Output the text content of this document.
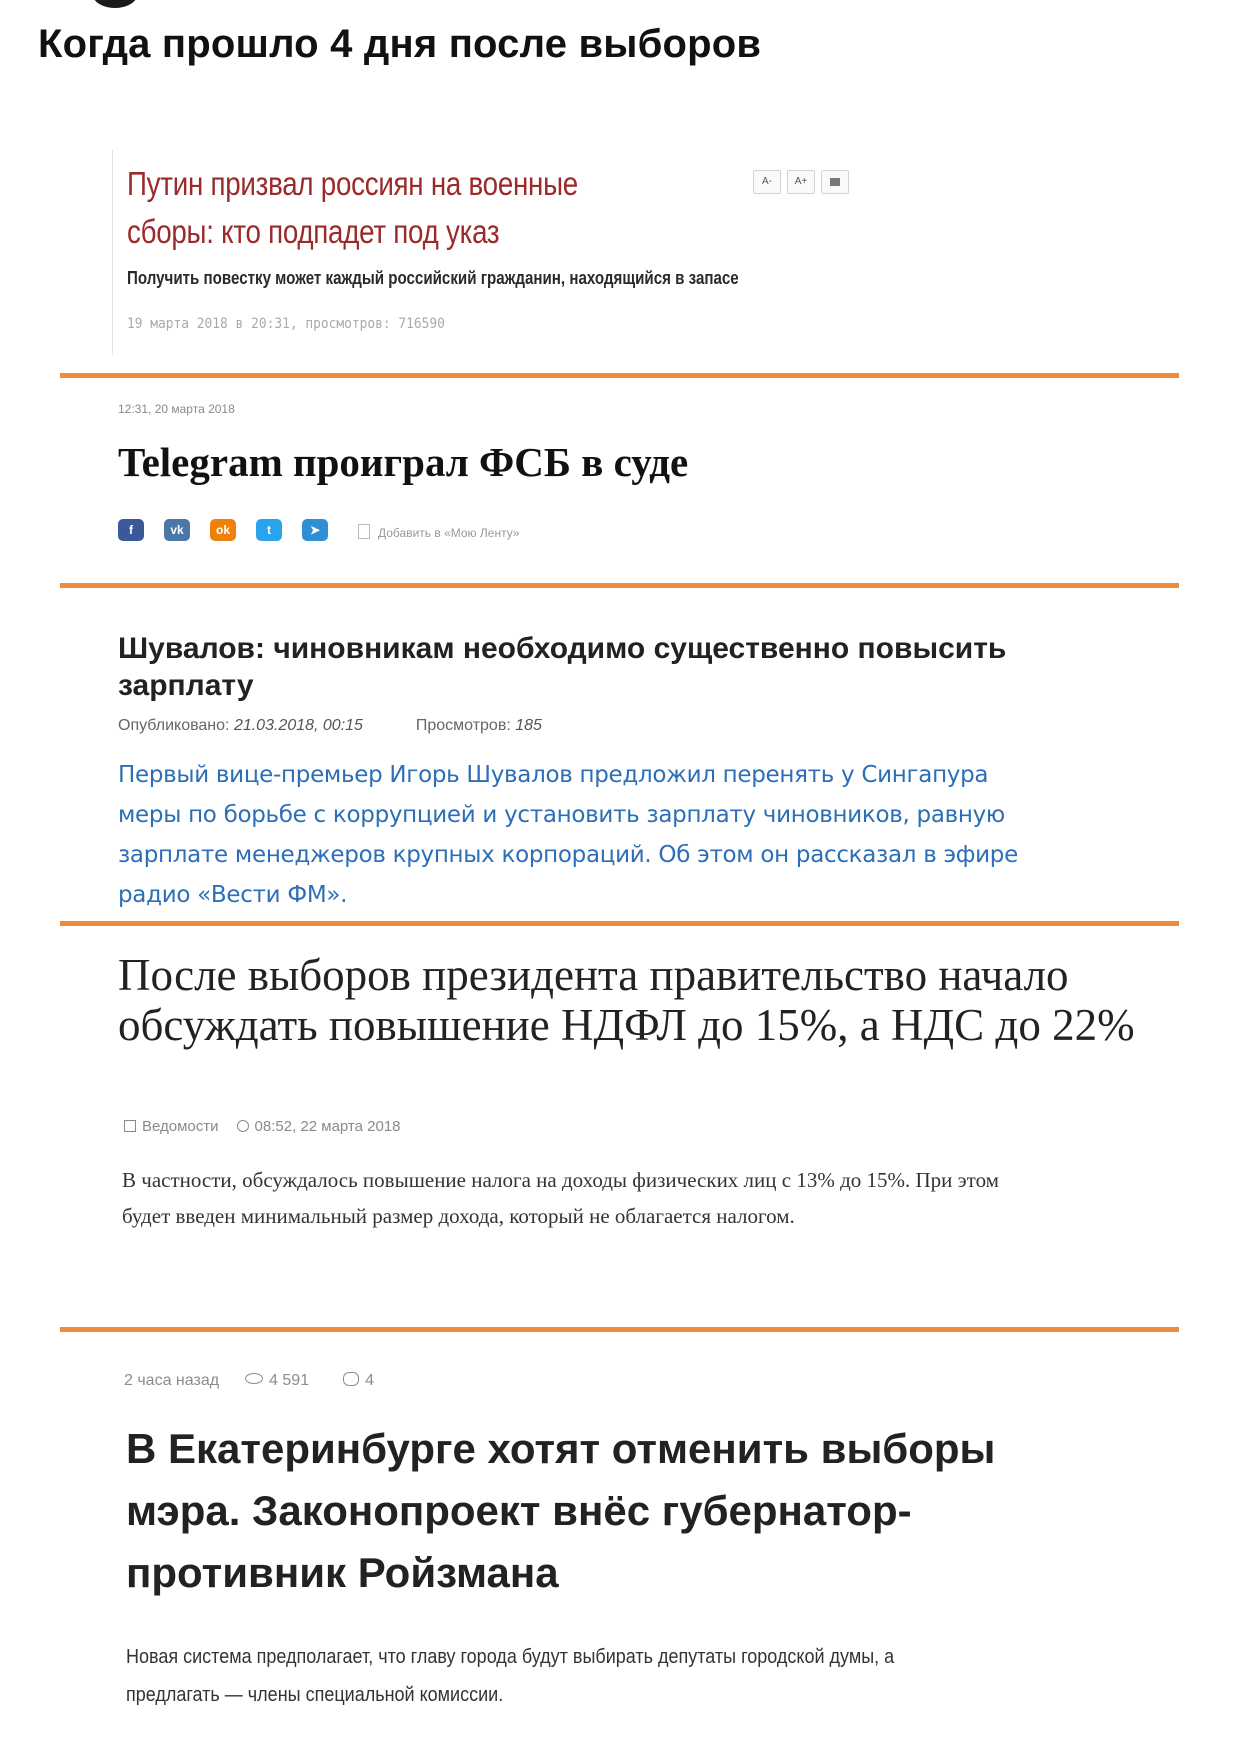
Когда прошло 4 дня после выборов
Путин призвал россиян на военные сборы: кто подпадет под указ
A-	A+
Получить повестку может каждый российский гражданин, находящийся в запасе
19 марта 2018 в 20:31, просмотров: 716590
12:31, 20 марта 2018
Telegram проиграл ФСБ в суде
f	vk	ok	t	➤	Добавить в «Мою Ленту»
Шувалов: чиновникам необходимо существенно повысить зарплату
Опубликовано: 21.03.2018, 00:15	Просмотров: 185
Первый вице-премьер Игорь Шувалов предложил перенять у Сингапура меры по борьбе с коррупцией и установить зарплату чиновников, равную зарплате менеджеров крупных корпораций. Об этом он рассказал в эфире радио «Вести ФМ».
После выборов президента правительство начало обсуждать повышение НДФЛ до 15%, а НДС до 22%
Ведомости 08:52, 22 марта 2018
В частности, обсуждалось повышение налога на доходы физических лиц с 13% до 15%. При этом будет введен минимальный размер дохода, который не облагается налогом.
2 часа назад	4 591	4
В Екатеринбурге хотят отменить выборы мэра. Законопроект внёс губернатор-противник Ройзмана
Новая система предполагает, что главу города будут выбирать депутаты городской думы, а предлагать — члены специальной комиссии.
